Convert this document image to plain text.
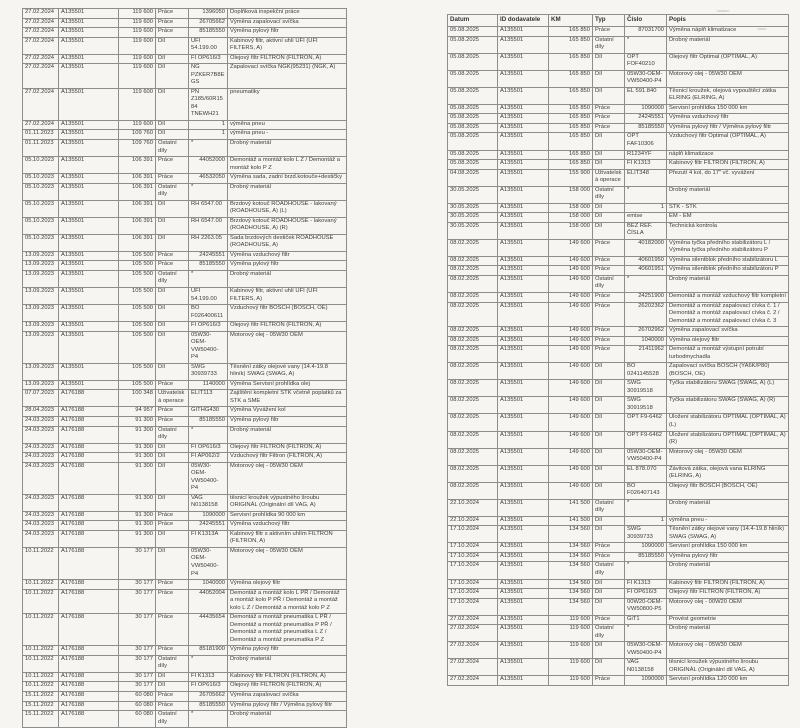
Datum	ID dodavatele	KM	Typ	Číslo	Popis
05.08.2025	A135501	165 850	Práce	87031700	Výměna náplň klimatizace
05.08.2025	A135501	165 850	Ostatní díly	*	Drobný materiál
05.08.2025	A135501	165 850	Díl	OPT FOF40210	Olejový filtr Optimal (OPTIMAL, A)
05.08.2025	A135501	165 850	Díl	05W30-OEM-VW50400-P4	Motorový olej - 05W30 OEM
05.08.2025	A135501	165 850	Díl	EL 591.840	Těsnicí kroužek, olejová vypouštěcí zátka ELRING (ELRING, A)
05.08.2025	A135501	165 850	Práce	1090000	Servisní prohlídka 150 000 km
05.08.2025	A135501	165 850	Práce	24245551	Výměna vzduchový filtr
05.08.2025	A135501	165 850	Práce	85185550	Výměna pylový filtr / Výměna pylový filtr
05.08.2025	A135501	165 850	Díl	OPT FAF10306	Vzduchový filtr Optimal (OPTIMAL, A)
05.08.2025	A135501	165 850	Díl	R1234YF	náplň klimatizace
05.08.2025	A135501	165 850	Díl	FI K1313	Kabinový filtr FILTRON (FILTRON, A)
04.08.2025	A135501	155 900	Uživatelská operace	ELIT348	Přezutí 4 kol, do 17" vč. vyvážení
30.05.2025	A135501	158 000	Ostatní díly	*	Drobný materiál
30.05.2025	A135501	158 000	Díl	1	STK - STK
30.05.2025	A135501	158 000	Díl	emise	EM - EM
30.05.2025	A135501	158 000	Díl	BEZ REF. ČÍSLA	Technická kontrola
08.02.2025	A135501	149 600	Práce	40182000	Výměna tyčka předního stabilizátoru L / Výměna tyčka předního stabilizátoru P
08.02.2025	A135501	149 600	Práce	40601950	Výměna silentblok předního stabilizátoru L
08.02.2025	A135501	149 600	Práce	40601951	Výměna silentblok předního stabilizátoru P
08.02.2025	A135501	149 600	Ostatní díly	*	Drobný materiál
08.02.2025	A135501	149 600	Práce	24251900	Demontáž a montáž vzduchový filtr kompletní
08.02.2025	A135501	149 600	Práce	26202362	Demontáž a montáž zapalovací cívka č. 1 / Demontáž a montáž zapalovací cívka č. 2 / Demontáž a montáž zapalovací cívka č. 3
08.02.2025	A135501	149 600	Práce	26702962	Výměna zapalovací svíčka
08.02.2025	A135501	149 600	Práce	1040000	Výměna olejový filtr
08.02.2025	A135501	149 600	Práce	21411962	Demontáž a montáž výstupní potrubí turbodmychadla
08.02.2025	A135501	149 600	Díl	BO 0241145528	Zapalovací svíčka BOSCH (YA6K/P80) (BOSCH, OE)
08.02.2025	A135501	149 600	Díl	SWG 30919518	Tyčka stabilizátoru SWAG (SWAG, A) (L)
08.02.2025	A135501	149 600	Díl	SWG 30919518	Tyčka stabilizátoru SWAG (SWAG, A) (R)
08.02.2025	A135501	149 600	Díl	OPT F9-6462	Uložení stabilizátoru OPTIMAL (OPTIMAL, A) (L)
08.02.2025	A135501	149 600	Díl	OPT F9-6462	Uložení stabilizátoru OPTIMAL (OPTIMAL, A) (R)
08.02.2025	A135501	149 600	Díl	05W30-OEM-VW50400-P4	Motorový olej - 05W30 OEM
08.02.2025	A135501	149 600	Díl	EL 878.070	Závitová zátka, olejová vana ELRING (ELRING, A)
08.02.2025	A135501	149 600	Díl	BO F026407143	Olejový filtr BOSCH (BOSCH, OE)
22.10.2024	A135501	141 500	Ostatní díly	*	Drobný materiál
22.10.2024	A135501	141 500	Díl	1	výměna pneu -
17.10.2024	A135501	134 560	Díl	SWG 30939733	Těsnění zátky olejové vany (14.4-19.8 hliník) SWAG (SWAG, A)
17.10.2024	A135501	134 560	Práce	1090000	Servisní prohlídka 150 000 km
17.10.2024	A135501	134 560	Práce	85185550	Výměna pylový filtr
17.10.2024	A135501	134 560	Ostatní díly	*	Drobný materiál
17.10.2024	A135501	134 560	Díl	FI K1313	Kabinový filtr FILTRON (FILTRON, A)
17.10.2024	A135501	134 560	Díl	FI OP616/3	Olejový filtr FILTRON (FILTRON, A)
17.10.2024	A135501	134 560	Díl	00W20-OEM-VW50800-P5	Motorový olej - 00W20 OEM
27.02.2024	A135501	119 600	Práce	GiT1	Provést geometrie
27.02.2024	A135501	119 600	Ostatní díly	*	Drobný materiál
27.02.2024	A135501	119 600	Díl	05W30-OEM-VW50400-P4	Motorový olej - 05W30 OEM
27.02.2024	A135501	119 600	Díl	VAG N0138158	těsnicí kroužek výpustného šroubu ORIGINÁL (Originální díl VAG, A)
27.02.2024	A135501	119 600	Práce	1090000	Servisní prohlídka 120 000 km
27.02.2024	A135501	119 600	Práce	1396050	Doplňková inspekční práce
27.02.2024	A135501	119 600	Práce	26705662	Výměna zapalovací svíčka
27.02.2024	A135501	119 600	Práce	85185550	Výměna pylový filtr
27.02.2024	A135501	119 600	Díl	UFI 54.199.00	Kabinový filtr, aktivní uhlí UFI (UFI FILTERS, A)
27.02.2024	A135501	119 600	Díl	FI OP616/3	Olejový filtr FILTRON (FILTRON, A)
27.02.2024	A135501	119 600	Díl	NG PZKER7B8EGS	Zapalovací svíčka NGK(95231) (NGK, A)
27.02.2024	A135501	119 600	Díl	PN Z185/60R1584 TNEWH21	pneumatiky
27.02.2024	A135501	119 600	Díl	1	výměna pneu
01.11.2023	A135501	109 760	Díl	1	výměna pneu -
01.11.2023	A135501	109 760	Ostatní díly	*	Drobný materiál
05.10.2023	A135501	106 391	Práce	44052000	Demontáž a montáž kolo L Z / Demontáž a montáž kolo P Z
05.10.2023	A135501	106 391	Práce	46532050	Výměna sada, zadní brzd.kotouče+destičky
05.10.2023	A135501	106 391	Ostatní díly	*	Drobný materiál
05.10.2023	A135501	106 391	Díl	RH 6547.00	Brzdový kotouč ROADHOUSE - lakovaný (ROADHOUSE, A) (L)
05.10.2023	A135501	106 391	Díl	RH 6547.00	Brzdový kotouč ROADHOUSE - lakovaný (ROADHOUSE, A) (R)
05.10.2023	A135501	106 391	Díl	RH 2263.05	Sada brzdových destiček ROADHOUSE (ROADHOUSE, A)
13.09.2023	A135501	105 500	Práce	24245551	Výměna vzduchový filtr
13.09.2023	A135501	105 500	Práce	85185550	Výměna pylový filtr
13.09.2023	A135501	105 500	Ostatní díly	*	Drobný materiál
13.09.2023	A135501	105 500	Díl	UFI 54.199.00	Kabinový filtr, aktivní uhlí UFI (UFI FILTERS, A)
13.09.2023	A135501	105 500	Díl	BO F026400611	Vzduchový filtr BOSCH (BOSCH, OE)
13.09.2023	A135501	105 500	Díl	FI OP616/3	Olejový filtr FILTRON (FILTRON, A)
13.09.2023	A135501	105 500	Díl	05W30-OEM-VW50400-P4	Motorový olej - 05W30 OEM
13.09.2023	A135501	105 500	Díl	SWG 30939733	Těsnění zátky olejové vany (14.4-19.8 hliník) SWAG (SWAG, A)
13.09.2023	A135501	105 500	Práce	1140000	Výměna Servisní prohlídka olej
07.07.2023	A176188	100 348	Uživatelská operace	ELIT113	Zajištění kompletní STK včetně poplatků za STK a SME
28.04.2023	A176188	94 957	Práce	GITHG430	Výměna Vyvážení kol
24.03.2023	A176188	91 300	Práce	85185550	Výměna pylový filtr
24.03.2023	A176188	91 300	Ostatní díly	*	Drobný materiál
24.03.2023	A176188	91 300	Díl	FI OP616/3	Olejový filtr FILTRON (FILTRON, A)
24.03.2023	A176188	91 300	Díl	FI AP062/2	Vzduchový filtr Filtron (FILTRON, A)
24.03.2023	A176188	91 300	Díl	05W30-OEM-VW50400-P4	Motorový olej - 05W30 OEM
24.03.2023	A176188	91 300	Díl	VAG N0138158	těsnicí kroužek výpustného šroubu ORIGINÁL (Originální díl VAG, A)
24.03.2023	A176188	91 300	Práce	1090000	Servisní prohlídka 90 000 km
24.03.2023	A176188	91 300	Práce	24245551	Výměna vzduchový filtr
24.03.2023	A176188	91 300	Díl	FI K1313A	Kabinový filtr s aktivním uhlím FILTRON (FILTRON, A)
10.11.2022	A176188	30 177	Díl	05W30-OEM-VW50400-P4	Motorový olej - 05W30 OEM
10.11.2022	A176188	30 177	Práce	1040000	Výměna olejový filtr
10.11.2022	A176188	30 177	Práce	44052004	Demontáž a montáž kolo L PŘ / Demontáž a montáž kolo P PŘ / Demontáž a montáž kolo L Z / Demontáž a montáž kolo P Z
10.11.2022	A176188	30 177	Práce	44435654	Demontáž a montáž pneumatika L PŘ / Demontáž a montáž pneumatika P PŘ / Demontáž a montáž pneumatika L Z / Demontáž a montáž pneumatika P Z
10.11.2022	A176188	30 177	Práce	85181900	Výměna pylový filtr
10.11.2022	A176188	30 177	Ostatní díly	*	Drobný materiál
10.11.2022	A176188	30 177	Díl	FI K1313	Kabinový filtr FILTRON (FILTRON, A)
10.11.2022	A176188	30 177	Díl	FI OP616/3	Olejový filtr FILTRON (FILTRON, A)
15.11.2022	A176188	60 080	Práce	26705662	Výměna zapalovací svíčka
15.11.2022	A176188	60 080	Práce	85185550	Výměna pylový filtr / Výměna pylový filtr
15.11.2022	A176188	60 080	Ostatní díly	*	Drobný materiál
